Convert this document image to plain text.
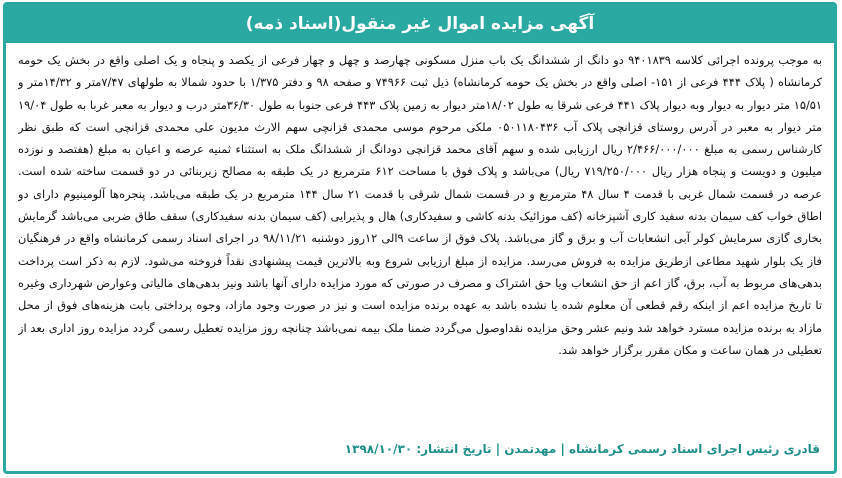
آگهی مزایده اموال غیر منقول(اسناد ذمه)
به موجب پرونده اجرائی کلاسه ۹۴۰۱۸۳۹ دو دانگ از ششدانگ یک باب منزل مسکونی چهارصد و چهل و چهار فرعی از یکصد و پنجاه و یک اصلی واقع در بخش یک حومه کرمانشاه ( پلاک ۴۴۴ فرعی از ۱۵۱- اصلی واقع در بخش یک حومه کرمانشاه) ذیل ثبت ۷۴۹۶۶ و صفحه ۹۸ و دفتر ۱/۳۷۵ با حدود شمالا به طولهای ۷/۴۷متر و ۱۴/۳۲متر و ۱۵/۵۱ متر دیوار به دیوار وبه دیوار پلاک ۴۴۱ فرعی شرقا به طول ۱۸/۰۲متر دیوار به زمین پلاک ۴۴۳ فرعی جنوبا به طول ۳۶/۳۰متر درب و دیوار به معبر غربا به طول ۱۹/۰۴ متر دیوار به معبر در آدرس روستای قزانچی پلاک آب ۰۵۰۱۱۸۰۴۳۶ ملکی مرحوم موسی محمدی قزانچی سهم الارث مدیون علی محمدی قزانچی است که طبق نظر کارشناس رسمی به مبلغ ۲/۴۶۶/۰۰۰/۰۰۰ ریال ارزیابی شده و سهم آقای محمد قزانچی دودانگ از ششدانگ ملک به استثناء ثمنیه عرصه و اعیان به مبلغ (هفتصد و نوزده میلیون و دویست و پنجاه هزار ریال ۷۱۹/۲۵۰/۰۰۰ ریال) می‌باشد و پلاک فوق با مساحت ۶۱۲ مترمربع در یک طبقه به مصالح زیربنائی در دو قسمت ساخته شده است. عرصه در قسمت شمال غربی با قدمت ۴ سال ۴۸ مترمربع و در قسمت شمال شرقی با قدمت ۲۱ سال ۱۴۴ مترمربع در یک طبقه می‌باشد. پنجره‌ها آلومینیوم دارای دو اطاق خواب کف سیمان بدنه سفید کاری آشپزخانه (کف موزائیک بدنه کاشی و سفیدکاری) هال و پذیرایی (کف سیمان بدنه سفیدکاری) سقف طاق ضربی می‌باشد گرمایش بخاری گازی سرمایش کولر آبی انشعابات آب و برق و گاز می‌باشد. پلاک فوق از ساعت ۹الی ۱۲روز دوشنبه ۹۸/۱۱/۲۱ در اجرای اسناد رسمی کرمانشاه واقع در فرهنگیان فاز یک بلوار شهید مطاعی ازطریق مزایده به فروش می‌رسد. مزایده از مبلغ ارزیابی شروع وبه بالاترین قیمت پیشنهادی نقداً فروخته می‌شود. لازم به ذکر است پرداخت بدهی‌های مربوط به آب، برق، گاز اعم از حق انشعاب ویا حق اشتراک و مصرف در صورتی که مورد مزایده دارای آنها باشد ونیز بدهی‌های مالیاتی وعوارض شهرداری وغیره تا تاریخ مزایده اعم از اینکه رقم قطعی آن معلوم شده یا نشده باشد به عهده برنده مزایده است و نیز در صورت وجود مازاد، وجوه پرداختی بابت هزینه‌های فوق از محل مازاد به برنده مزایده مسترد خواهد شد ونیم عشر وحق مزایده نقداوصول می‌گردد ضمنا ملک بیمه نمی‌باشد چنانچه روز مزایده تعطیل رسمی گردد مزایده روز اداری بعد از تعطیلی در همان ساعت و مکان مقرر برگزار خواهد شد.
قادری رئیس اجرای اسناد رسمی کرمانشاه | مهدتمدن | تاریخ انتشار: ۱۳۹۸/۱۰/۳۰
